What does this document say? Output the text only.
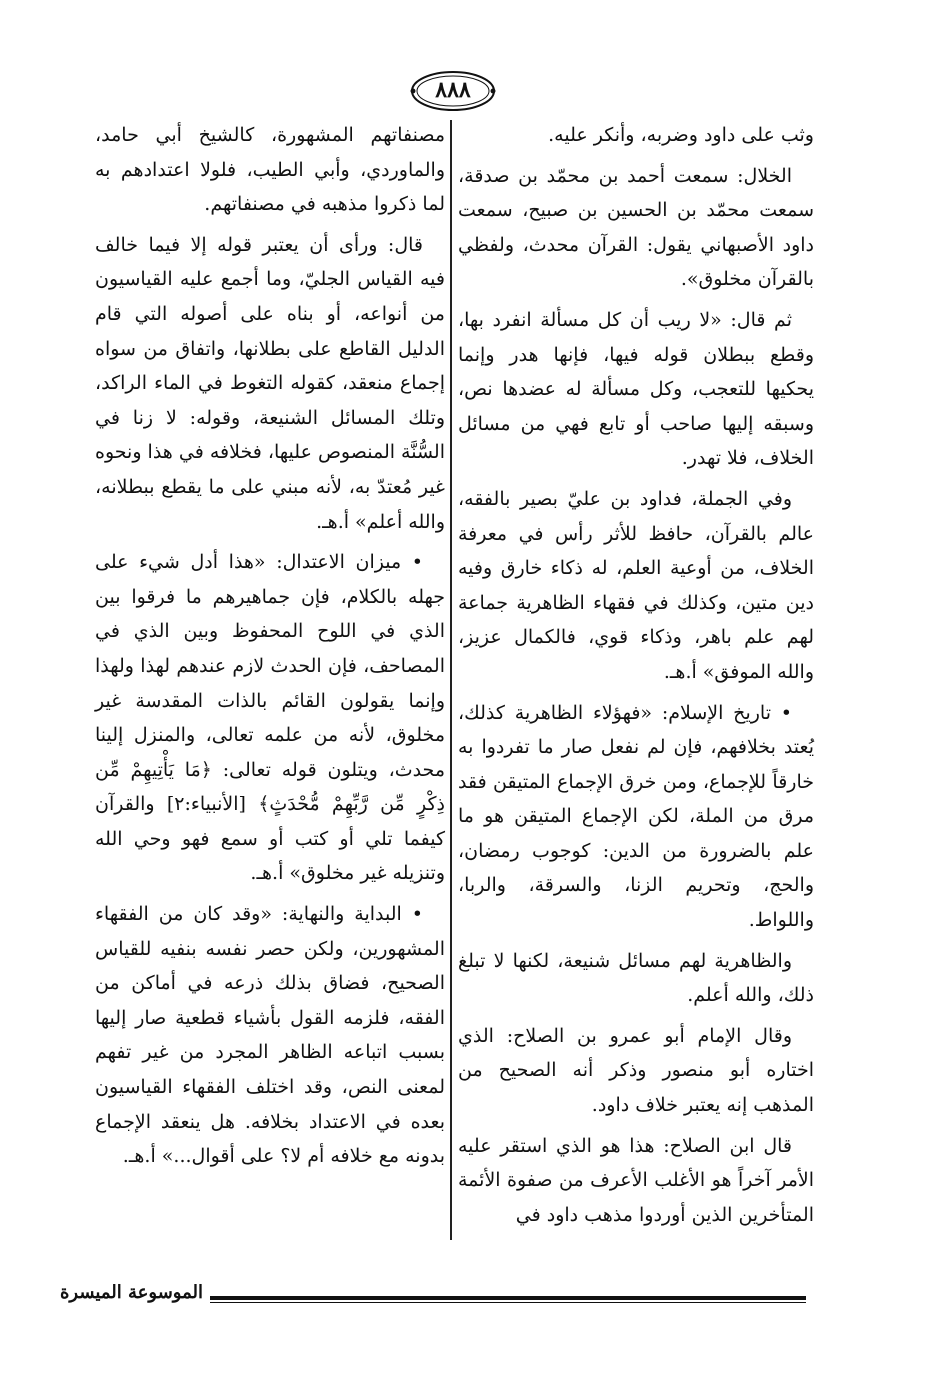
٨٨٨

وثب على داود وضربه، وأنكر عليه.

الخلال: سمعت أحمد بن محمّد بن صدقة، سمعت محمّد بن الحسين بن صبيح، سمعت داود الأصبهاني يقول: القرآن محدث، ولفظي بالقرآن مخلوق».

ثم قال: «لا ريب أن كل مسألة انفرد بها، وقطع ببطلان قوله فيها، فإنها هدر وإنما يحكيها للتعجب، وكل مسألة له عضدها نص، وسبقه إليها صاحب أو تابع فهي من مسائل الخلاف، فلا تهدر.

وفي الجملة، فداود بن عليّ بصير بالفقه، عالم بالقرآن، حافظ للأثر رأس في معرفة الخلاف، من أوعية العلم، له ذكاء خارق وفيه دين متين، وكذلك في فقهاء الظاهرية جماعة لهم علم باهر، وذكاء قوي، فالكمال عزيز، والله الموفق» أ.هـ.

• تاريخ الإسلام: «فهؤلاء الظاهرية كذلك، يُعتد بخلافهم، فإن لم نفعل صار ما تفردوا به خارقاً للإجماع، ومن خرق الإجماع المتيقن فقد مرق من الملة، لكن الإجماع المتيقن هو ما علم بالضرورة من الدين: كوجوب رمضان، والحج، وتحريم الزنا، والسرقة، والربا، واللواط.

والظاهرية لهم مسائل شنيعة، لكنها لا تبلغ ذلك، والله أعلم.

وقال الإمام أبو عمرو بن الصلاح: الذي اختاره أبو منصور وذكر أنه الصحيح من المذهب إنه يعتبر خلاف داود.

قال ابن الصلاح: هذا هو الذي استقر عليه الأمر آخراً هو الأغلب الأعرف من صفوة الأئمة المتأخرين الذين أوردوا مذهب داود في

مصنفاتهم المشهورة، كالشيخ أبي حامد، والماوردي، وأبي الطيب، فلولا اعتدادهم به لما ذكروا مذهبه في مصنفاتهم.

قال: ورأى أن يعتبر قوله إلا فيما خالف فيه القياس الجليّ، وما أجمع عليه القياسيون من أنواعه، أو بناه على أصوله التي قام الدليل القاطع على بطلانها، واتفاق من سواه إجماع منعقد، كقوله التغوط في الماء الراكد، وتلك المسائل الشنيعة، وقوله: لا زنا في السُّنَّة المنصوص عليها، فخلافه في هذا ونحوه غير مُعتدّ به، لأنه مبني على ما يقطع ببطلانه، والله أعلم» أ.هـ.

• ميزان الاعتدال: «هذا أدل شيء على جهله بالكلام، فإن جماهيرهم ما فرقوا بين الذي في اللوح المحفوظ وبين الذي في المصاحف، فإن الحدث لازم عندهم لهذا ولهذا وإنما يقولون القائم بالذات المقدسة غير مخلوق، لأنه من علمه تعالى، والمنزل إلينا محدث، ويتلون قوله تعالى: ﴿مَا يَأْتِيهِمْ مِّن ذِكْرٍ مِّن رَّبِّهِمْ مُّحْدَثٍ﴾ [الأنبياء:٢] والقرآن كيفما تلي أو كتب أو سمع فهو وحي الله وتنزيله غير مخلوق» أ.هـ.

• البداية والنهاية: «وقد كان من الفقهاء المشهورين، ولكن حصر نفسه بنفيه للقياس الصحيح، فضاق بذلك ذرعه في أماكن من الفقه، فلزمه القول بأشياء قطعية صار إليها بسبب اتباعه الظاهر المجرد من غير تفهم لمعنى النص، وقد اختلف الفقهاء القياسيون بعده في الاعتداد بخلافه. هل ينعقد الإجماع بدونه مع خلافه أم لا؟ على أقوال...» أ.هـ.

الموسوعة الميسرة
